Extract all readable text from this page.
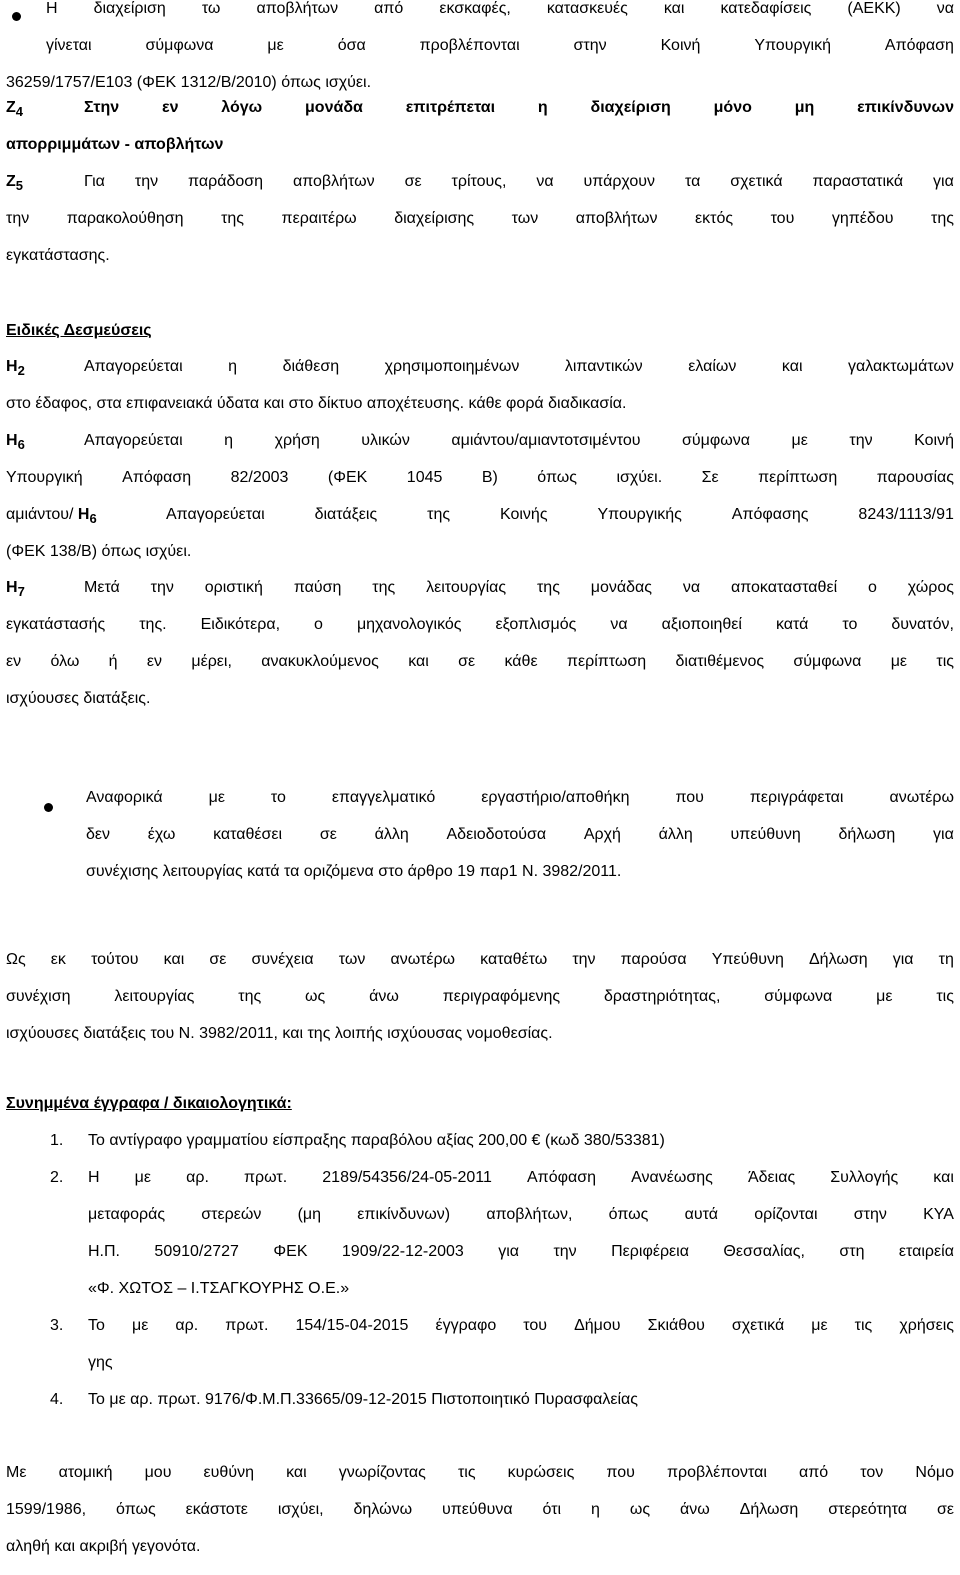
Η διαχείριση τω αποβλήτων από εκσκαφές, κατασκευές και κατεδαφίσεις (ΑΕΚΚ) να
γίνεται	σύμφωνα	με	όσα	προβλέπονται	στην	Κοινή	Υπουργική	Απόφαση
36259/1757/Ε103 (ΦΕΚ 1312/Β/2010) όπως ισχύει.
$Z_4$	Στην	εν	λόγω	μονάδα	επιτρέπεται	η	διαχείριση	μόνο	μη	επικίνδυνων
απορριμμάτων - αποβλήτων
$Z_5$	Για την παράδοση αποβλήτων σε τρίτους, να υπάρχουν τα σχετικά παραστατικά για
την παρακολούθηση της περαιτέρω διαχείρισης των αποβλήτων εκτός του γηπέδου της
εγκατάστασης.
Ειδικές Δεσμεύσεις
$H_2$	Απαγορεύεται	η	διάθεση	χρησιμοποιημένων	λιπαντικών	ελαίων	και	γαλακτωμάτων
στο έδαφος, στα επιφανειακά ύδατα και στο δίκτυο αποχέτευσης. κάθε φορά διαδικασία.
$H_6$	Απαγορεύεται	η	χρήση	υλικών	αμιάντου/αμιαντοτσιμέντου	σύμφωνα	με	την	Κοινή
Υπουργική Απόφαση 82/2003 (ΦΕΚ 1045 Β) όπως ισχύει. Σε περίπτωση παρουσίας
αμιάντου/ $H_6$	Απαγορεύεται	διατάξεις	της	Κοινής	Υπουργικής	Απόφασης	8243/1113/91
(ΦΕΚ 138/Β) όπως ισχύει.
$H_7$	Μετά την οριστική παύση της λειτουργίας της μονάδας να αποκατασταθεί ο χώρος
εγκατάστασής της. Ειδικότερα, ο μηχανολογικός εξοπλισμός να αξιοποιηθεί κατά το δυνατόν,
εν όλω ή εν μέρει, ανακυκλούμενος και σε κάθε περίπτωση διατιθέμενος σύμφωνα με τις
ισχύουσες διατάξεις.
Αναφορικά	με	το	επαγγελματικό	εργαστήριο/αποθήκη	που	περιγράφεται	ανωτέρω
δεν έχω καταθέσει σε άλλη Αδειοδοτούσα Αρχή άλλη υπεύθυνη δήλωση για
συνέχισης λειτουργίας κατά τα οριζόμενα στο άρθρο 19 παρ1 Ν. 3982/2011.
Ως εκ τούτου και σε συνέχεια των ανωτέρω καταθέτω την παρούσα Υπεύθυνη Δήλωση για τη
συνέχιση	λειτουργίας	της	ως	άνω	περιγραφόμενης	δραστηριότητας,	σύμφωνα	με	τις
ισχύουσες διατάξεις του Ν. 3982/2011, και της λοιπής ισχύουσας νομοθεσίας.
Συνημμένα έγγραφα / δικαιολογητικά:
1. Το αντίγραφο γραμματίου είσπραξης παραβόλου αξίας 200,00 € (κωδ 380/53381)
2. Η με αρ. πρωτ. 2189/54356/24-05-2011 Απόφαση Ανανέωσης Άδειας Συλλογής και
μεταφοράς στερεών (μη επικίνδυνων) αποβλήτων, όπως αυτά ορίζονται στην ΚΥΑ
Η.Π. 50910/2727 ΦΕΚ 1909/22-12-2003 για την Περιφέρεια Θεσσαλίας, στη εταιρεία
«Φ. ΧΩΤΟΣ – Ι.ΤΣΑΓΚΟΥΡΗΣ Ο.Ε.»
3. Το με αρ. πρωτ. 154/15-04-2015 έγγραφο του Δήμου Σκιάθου σχετικά με τις χρήσεις
γης
4. Το με αρ. πρωτ. 9176/Φ.Μ.Π.33665/09-12-2015 Πιστοποιητικό Πυρασφαλείας
Με ατομική μου ευθύνη και γνωρίζοντας τις κυρώσεις που προβλέπονται από τον Νόμο
1599/1986, όπως εκάστοτε ισχύει, δηλώνω υπεύθυνα ότι η ως άνω Δήλωση στερεότητα σε
αληθή και ακριβή γεγονότα.
